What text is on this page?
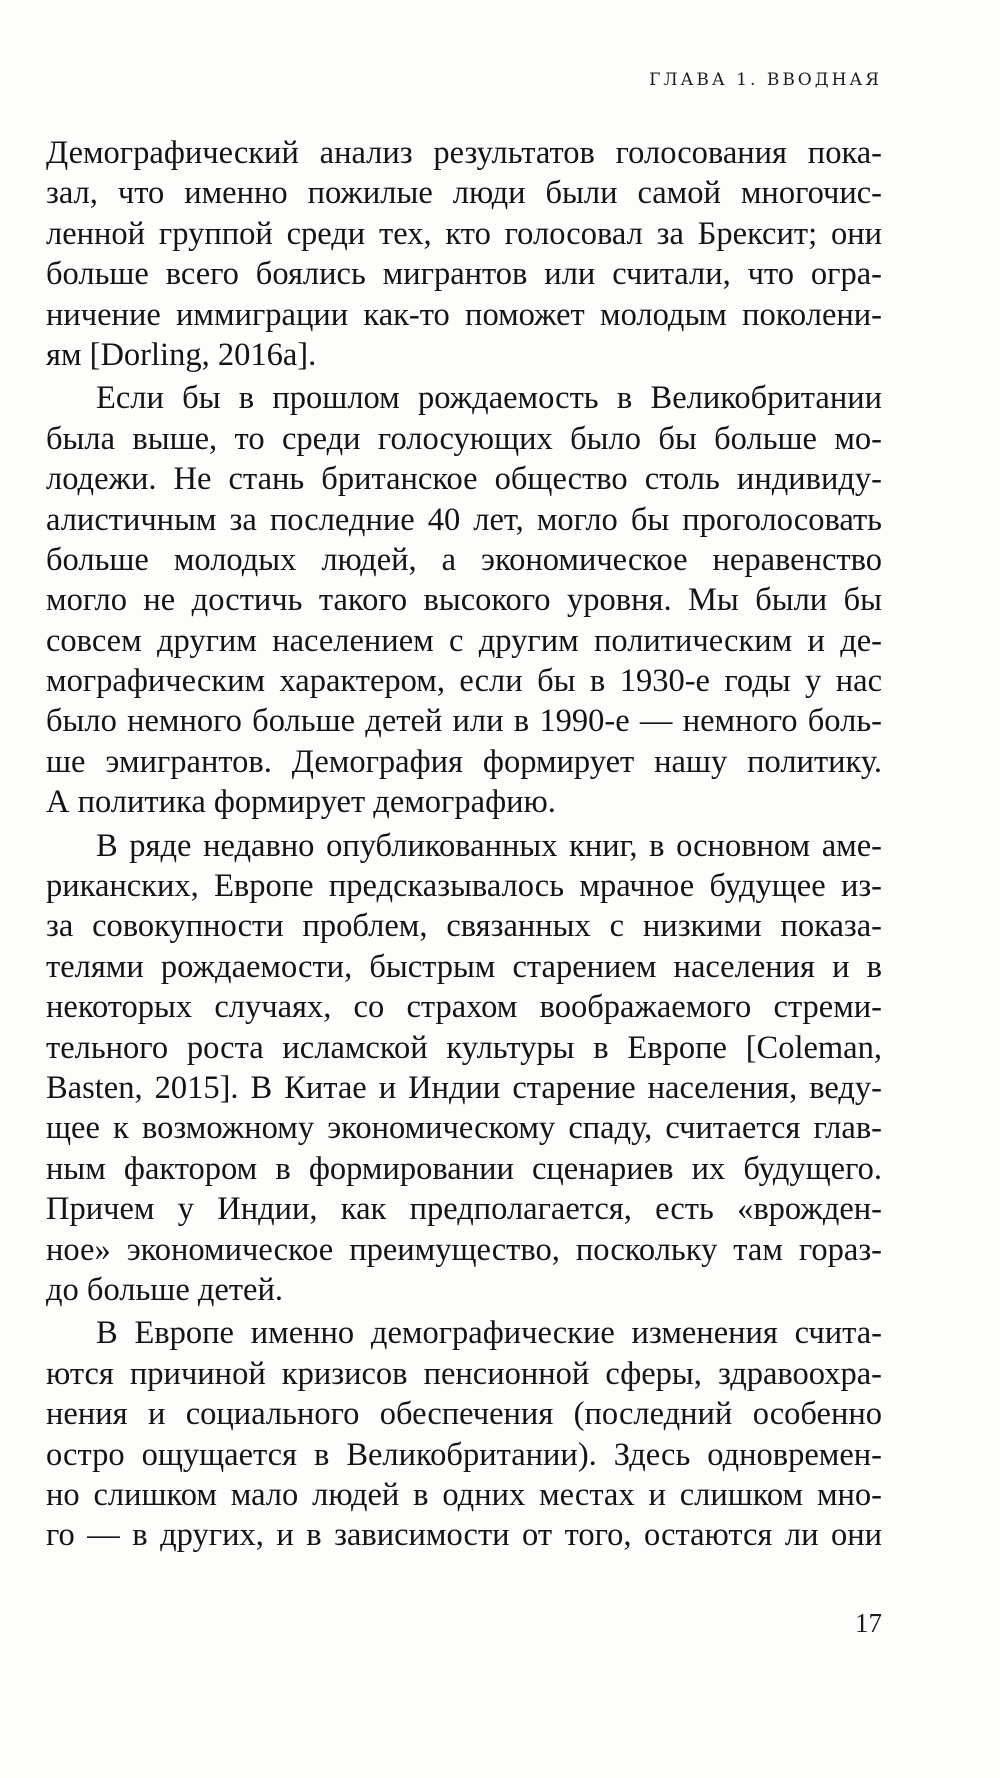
ГЛАВА 1. ВВОДНАЯ
Демографический анализ результатов голосования пока-
зал, что именно пожилые люди были самой многочис-
ленной группой среди тех, кто голосовал за Брексит; они
больше всего боялись мигрантов или считали, что огра-
ничение иммиграции как-то поможет молодым поколени-
ям [Dorling, 2016a].
Если бы в прошлом рождаемость в Великобритании
была выше, то среди голосующих было бы больше мо-
лодежи. Не стань британское общество столь индивиду-
алистичным за последние 40 лет, могло бы проголосовать
больше молодых людей, а экономическое неравенство
могло не достичь такого высокого уровня. Мы были бы
совсем другим населением с другим политическим и де-
мографическим характером, если бы в 1930-е годы у нас
было немного больше детей или в 1990-е — немного боль-
ше эмигрантов. Демография формирует нашу политику.
А политика формирует демографию.
В ряде недавно опубликованных книг, в основном аме-
риканских, Европе предсказывалось мрачное будущее из-
за совокупности проблем, связанных с низкими показа-
телями рождаемости, быстрым старением населения и в
некоторых случаях, со страхом воображаемого стреми-
тельного роста исламской культуры в Европе [Coleman,
Basten, 2015]. В Китае и Индии старение населения, веду-
щее к возможному экономическому спаду, считается глав-
ным фактором в формировании сценариев их будущего.
Причем у Индии, как предполагается, есть «врожден-
ное» экономическое преимущество, поскольку там гораз-
до больше детей.
В Европе именно демографические изменения счита-
ются причиной кризисов пенсионной сферы, здравоохра-
нения и социального обеспечения (последний особенно
остро ощущается в Великобритании). Здесь одновремен-
но слишком мало людей в одних местах и слишком мно-
го — в других, и в зависимости от того, остаются ли они
17
